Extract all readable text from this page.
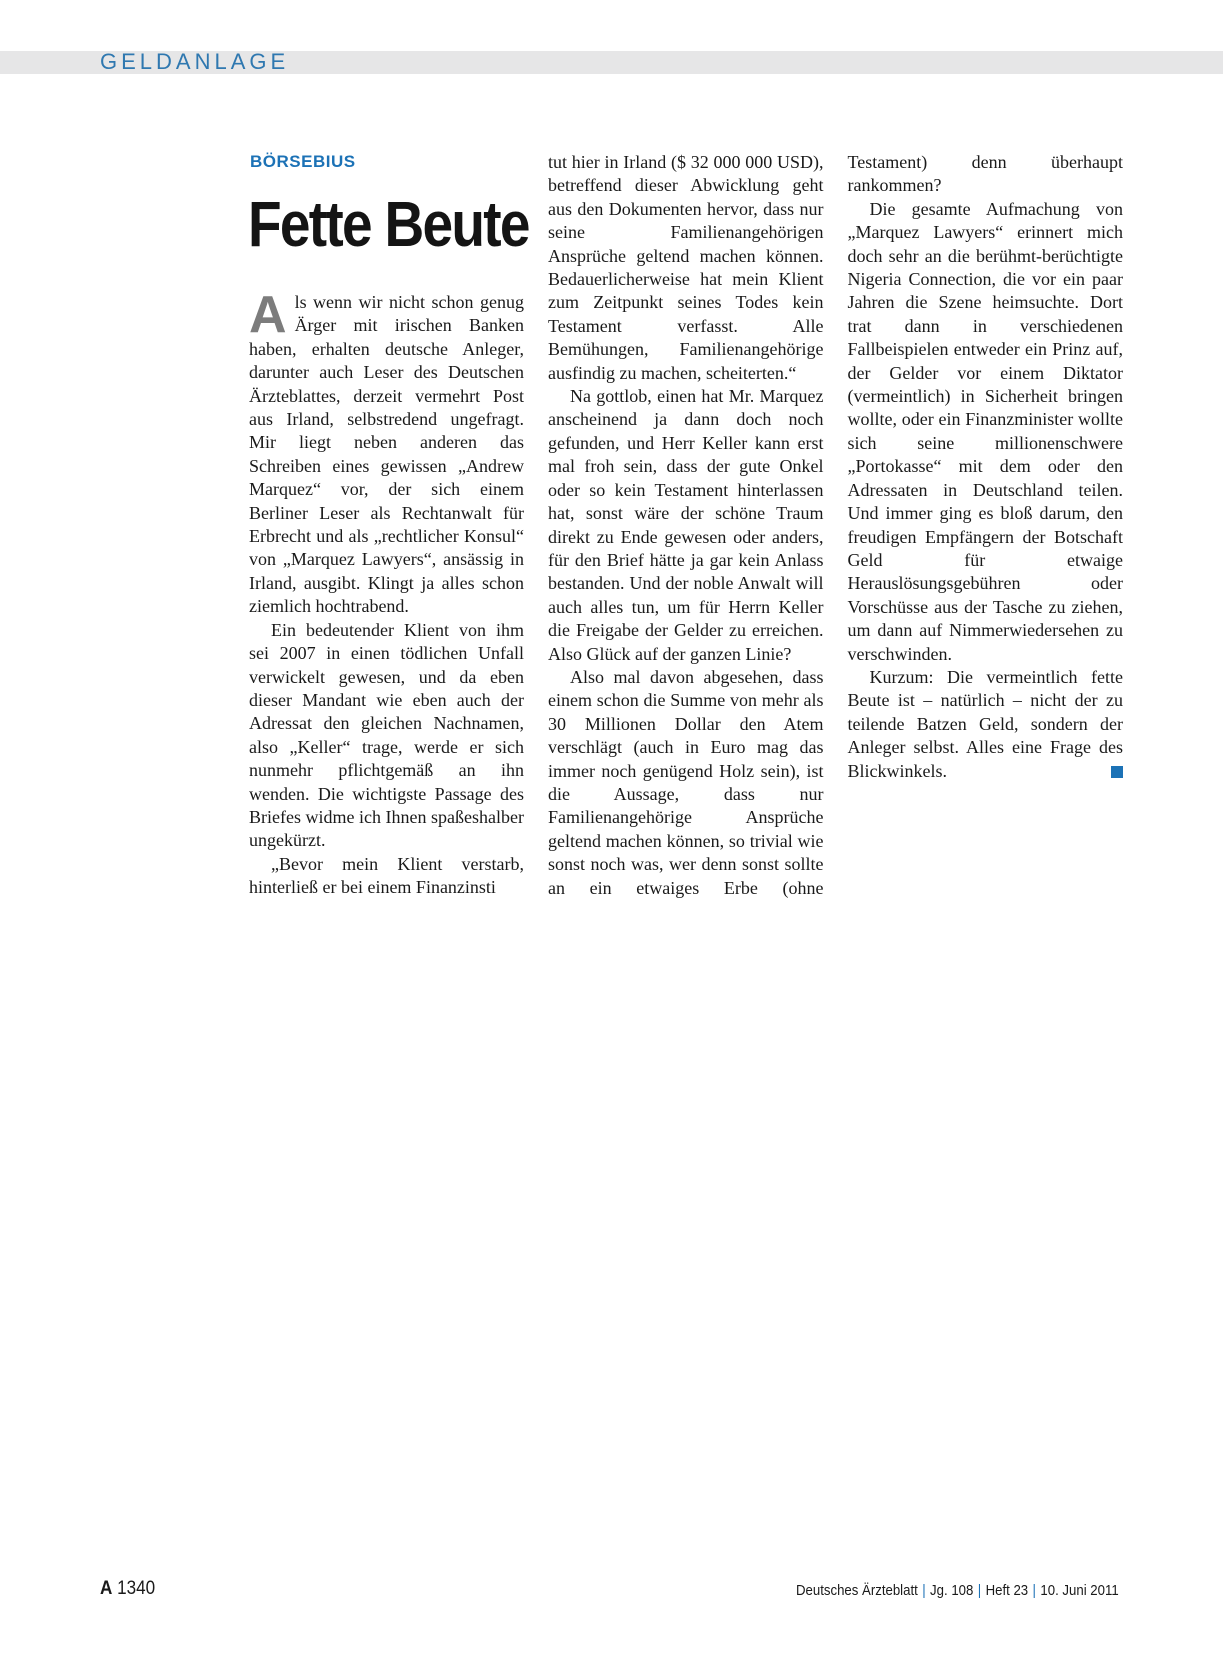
GELDANLAGE
BÖRSEBIUS
Fette Beute

Als wenn wir nicht schon genug Ärger mit irischen Banken haben, erhalten deutsche Anleger, darunter auch Leser des Deutschen Ärzteblattes, derzeit vermehrt Post aus Irland, selbstredend ungefragt. Mir liegt neben anderen das Schreiben eines gewissen „Andrew Marquez“ vor, der sich einem Berliner Leser als Rechtanwalt für Erbrecht und als „rechtlicher Konsul“ von „Marquez Lawyers“, ansässig in Irland, ausgibt. Klingt ja alles schon ziemlich hochtrabend.

Ein bedeutender Klient von ihm sei 2007 in einen tödlichen Unfall verwickelt gewesen, und da eben dieser Mandant wie eben auch der Adressat den gleichen Nachnamen, also „Keller“ trage, werde er sich nunmehr pflichtgemäß an ihn wenden. Die wichtigste Passage des Briefes widme ich Ihnen spaßeshalber ungekürzt.

„Bevor mein Klient verstarb, hinterließ er bei einem Finanzinsti

tut hier in Irland ($ 32 000 000 USD), betreffend dieser Abwicklung geht aus den Dokumenten hervor, dass nur seine Familienangehörigen Ansprüche geltend machen können. Bedauerlicherweise hat mein Klient zum Zeitpunkt seines Todes kein Testament verfasst. Alle Bemühungen, Familienangehörige ausfindig zu machen, scheiterten.“

Na gottlob, einen hat Mr. Marquez anscheinend ja dann doch noch gefunden, und Herr Keller kann erst mal froh sein, dass der gute Onkel oder so kein Testament hinterlassen hat, sonst wäre der schöne Traum direkt zu Ende gewesen oder anders, für den Brief hätte ja gar kein Anlass bestanden. Und der noble Anwalt will auch alles tun, um für Herrn Keller die Freigabe der Gelder zu erreichen. Also Glück auf der ganzen Linie?

Also mal davon abgesehen, dass einem schon die Summe von mehr als 30 Millionen Dollar den Atem verschlägt (auch in Euro mag das immer noch genügend Holz sein), ist die Aussage, dass nur Familienangehörige Ansprüche geltend machen können, so trivial wie sonst noch was, wer denn sonst sollte an ein etwaiges Erbe (ohne Testament) denn überhaupt rankommen?

Die gesamte Aufmachung von „Marquez Lawyers“ erinnert mich doch sehr an die berühmt-berüchtigte Nigeria Connection, die vor ein paar Jahren die Szene heimsuchte. Dort trat dann in verschiedenen Fallbeispielen entweder ein Prinz auf, der Gelder vor einem Diktator (vermeintlich) in Sicherheit bringen wollte, oder ein Finanzminister wollte sich seine millionenschwere „Portokasse“ mit dem oder den Adressaten in Deutschland teilen. Und immer ging es bloß darum, den freudigen Empfängern der Botschaft Geld für etwaige Herauslösungsgebühren oder Vorschüsse aus der Tasche zu ziehen, um dann auf Nimmerwiedersehen zu verschwinden.

Kurzum: Die vermeintlich fette Beute ist – natürlich – nicht der zu teilende Batzen Geld, sondern der Anleger selbst. Alles eine Frage des Blickwinkels.

A 1340	Deutsches Ärzteblatt | Jg. 108 | Heft 23 | 10. Juni 2011
